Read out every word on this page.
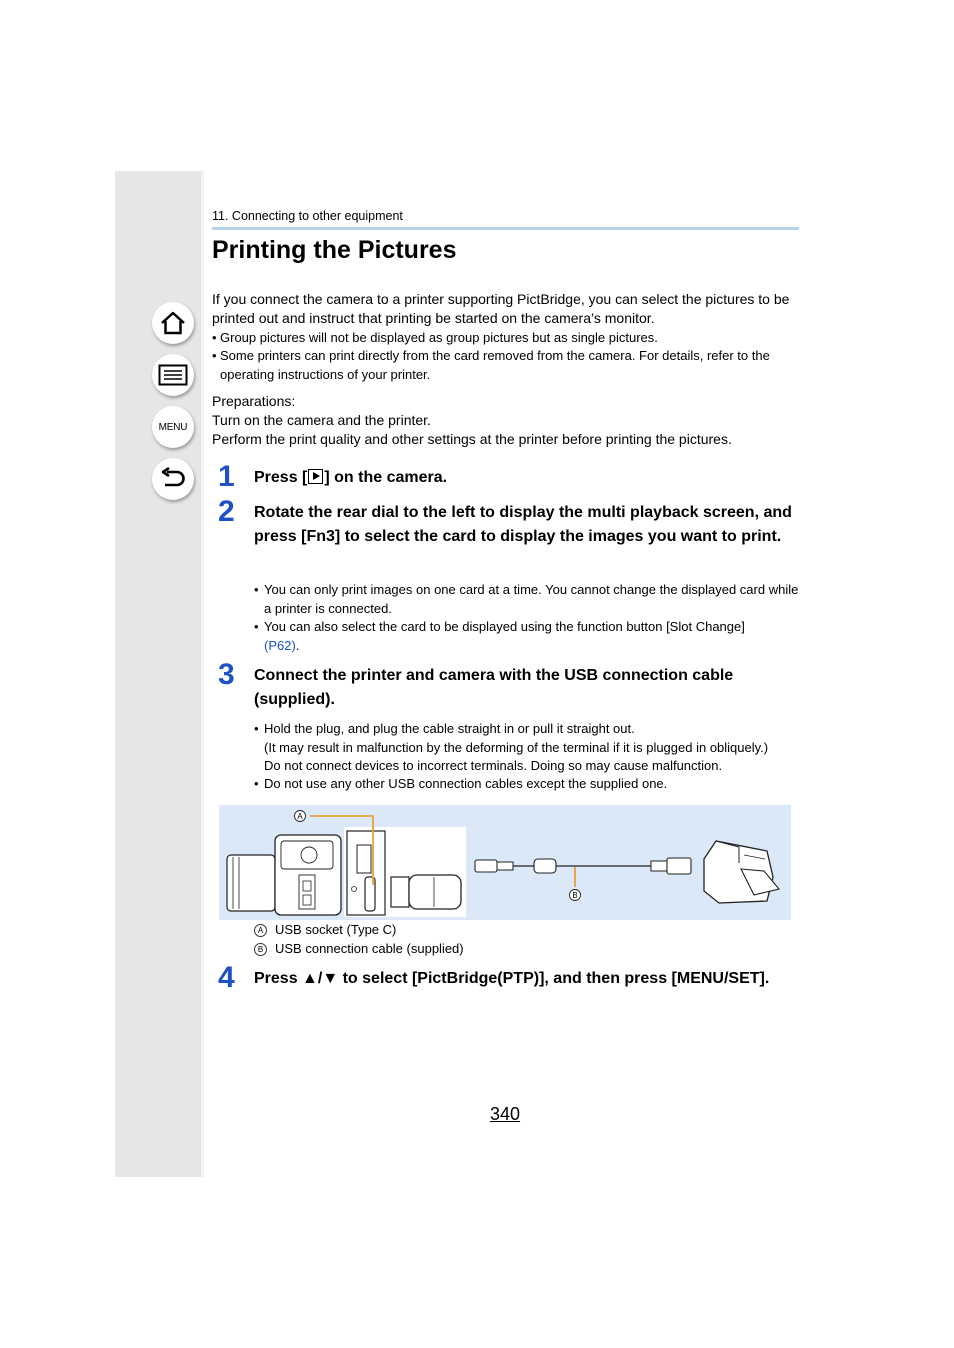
MENU
11. Connecting to other equipment
Printing the Pictures
If you connect the camera to a printer supporting PictBridge, you can select the pictures to be printed out and instruct that printing be started on the camera’s monitor.
• Group pictures will not be displayed as group pictures but as single pictures.
• Some printers can print directly from the card removed from the camera. For details, refer to the operating instructions of your printer.
Preparations:
Turn on the camera and the printer.
Perform the print quality and other settings at the printer before printing the pictures.
1 Press [ ] on the camera.
2 Rotate the rear dial to the left to display the multi playback screen, and press [Fn3] to select the card to display the images you want to print.
• You can only print images on one card at a time. You cannot change the displayed card while a printer is connected.
• You can also select the card to be displayed using the function button [Slot Change]
(P62).
3 Connect the printer and camera with the USB connection cable (supplied).
• Hold the plug, and plug the cable straight in or pull it straight out.
(It may result in malfunction by the deforming of the terminal if it is plugged in obliquely.)
Do not connect devices to incorrect terminals. Doing so may cause malfunction.
• Do not use any other USB connection cables except the supplied one.
A
B
A USB socket (Type C)
B USB connection cable (supplied)
4 Press ▲/▼ to select [PictBridge(PTP)], and then press [MENU/SET].
340
